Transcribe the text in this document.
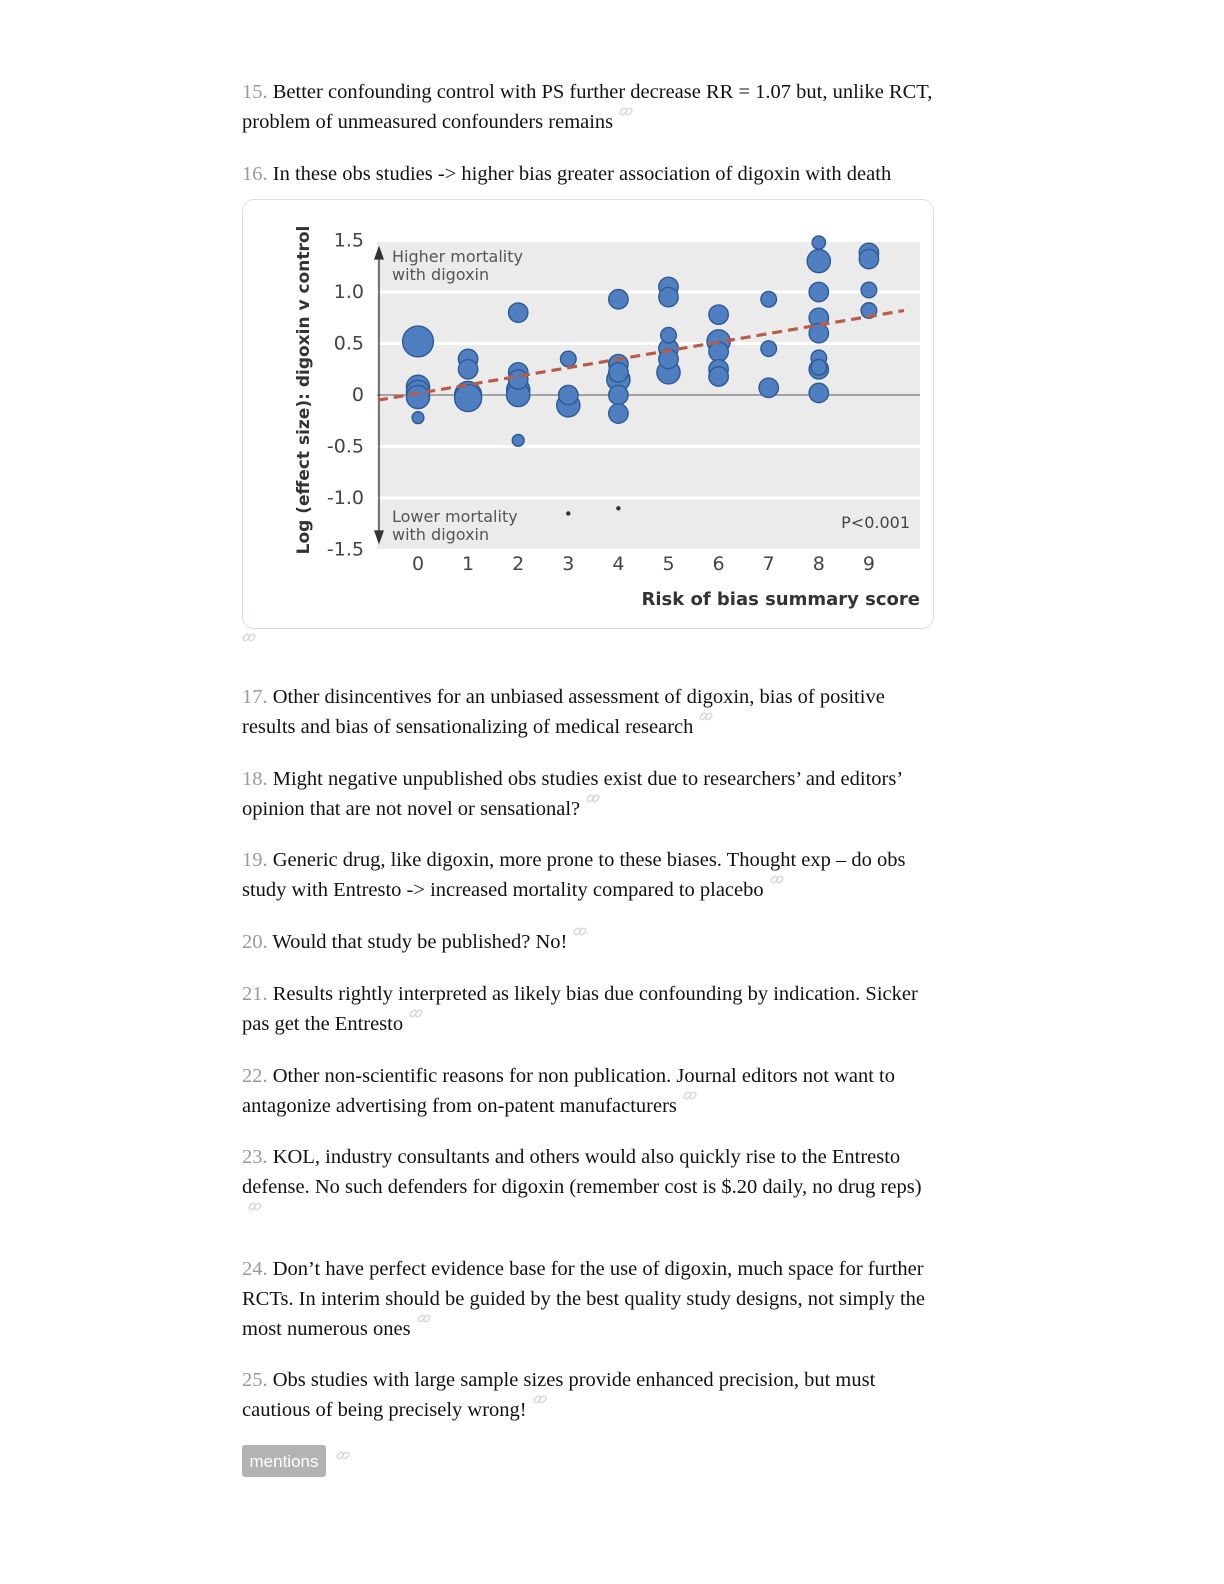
15. Better confounding control with PS further decrease RR = 1.07 but, unlike RCT, problem of unmeasured confounders remains
16. In these obs studies -> higher bias greater association of digoxin with death
17. Other disincentives for an unbiased assessment of digoxin, bias of positive results and bias of sensationalizing of medical research
18. Might negative unpublished obs studies exist due to researchers’ and editors’ opinion that are not novel or sensational?
19. Generic drug, like digoxin, more prone to these biases. Thought exp – do obs study with Entresto -> increased mortality compared to placebo
20. Would that study be published? No!
21. Results rightly interpreted as likely bias due confounding by indication. Sicker pas get the Entresto
22. Other non-scientific reasons for non publication. Journal editors not want to antagonize advertising from on-patent manufacturers
23. KOL, industry consultants and others would also quickly rise to the Entresto defense. No such defenders for digoxin (remember cost is $.20 daily, no drug reps)
24. Don’t have perfect evidence base for the use of digoxin, much space for further RCTs. In interim should be guided by the best quality study designs, not simply the most numerous ones
25. Obs studies with large sample sizes provide enhanced precision, but must cautious of being precisely wrong!
1.5
1.0
0.5
0
-0.5
-1.0
-1.5
0 1 2 3 4 5 6 7 8 9
Log (effect size): digoxin v control
Risk of bias summary score
Higher mortality
with digoxin
Lower mortality
with digoxin
P<0.001
mentions
